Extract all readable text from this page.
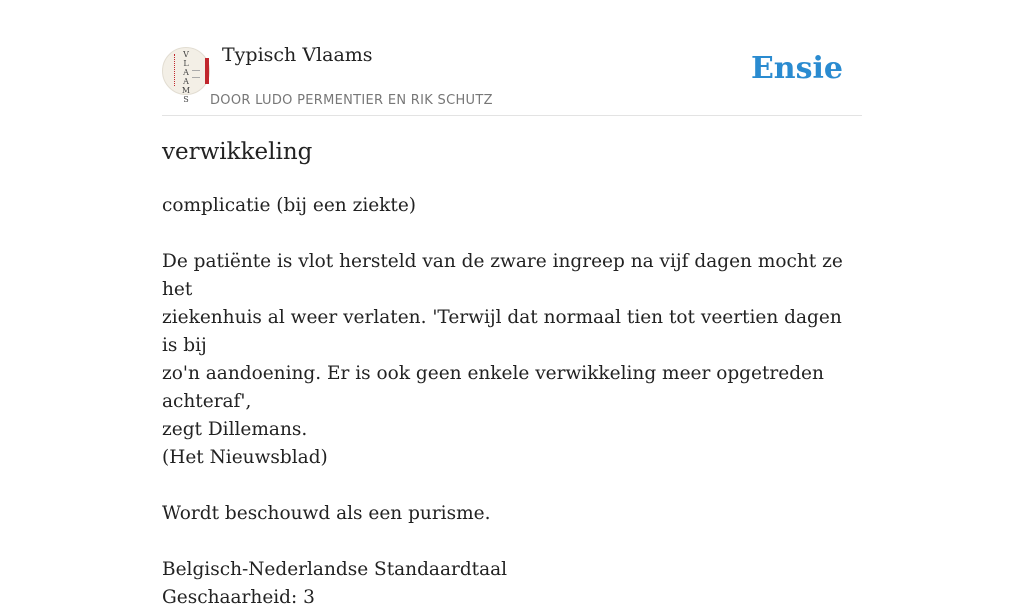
V
L
A
A
M
S
Typisch Vlaams
DOOR LUDO PERMENTIER EN RIK SCHUTZ
Ensie
verwikkeling

complicatie (bij een ziekte)

De patiënte is vlot hersteld van de zware ingreep na vijf dagen mocht ze het
ziekenhuis al weer verlaten. 'Terwijl dat normaal tien tot veertien dagen is bij
zo'n aandoening. Er is ook geen enkele verwikkeling meer opgetreden achteraf',
zegt Dillemans.

(Het Nieuwsblad)

Wordt beschouwd als een purisme.

Belgisch-Nederlandse Standaardtaal
Geschaarheid: 3
